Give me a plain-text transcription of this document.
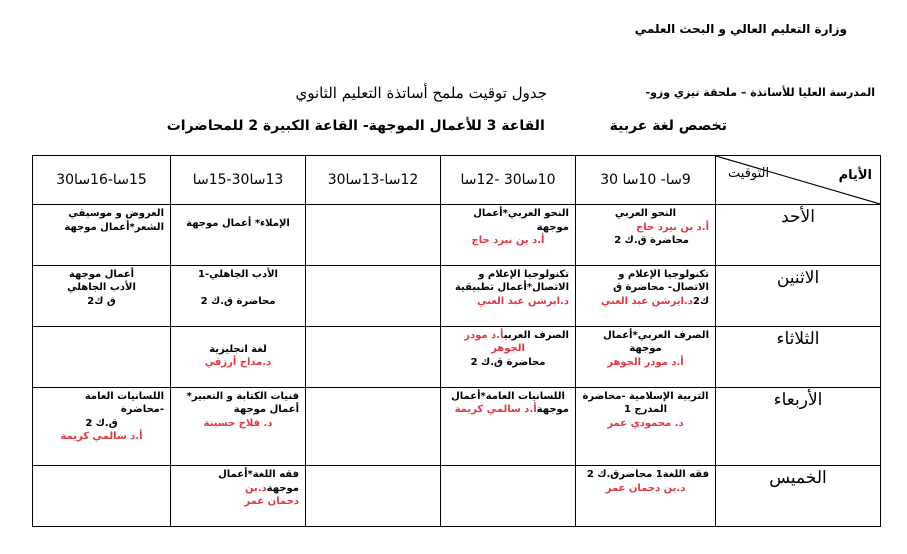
وزارة التعليم العالي و البحث العلمي
المدرسة العليا للأساتذة – ملحقة تيزي وزو-
جدول توقيت ملمح أساتذة التعليم الثانوي
تخصص لغة عربية القاعة 3 للأعمال الموجهة- القاعة الكبيرة 2 للمحاضرات
الأيام
التوقيت	9سا- 10سا 30	10سا30 -12سا	12سا-13سا30	13سا30-15سا	15سا-16سا30
الأحد	النحو العربي
أ.د بن نيرد حاج
محاضرة ق.ك 2	النحو العربي*أعمال موجهة
أ.د بن نيرد حاج		الإملاء* أعمال موجهة	العروض و موسيقي
الشعر*أعمال موجهة

الاثنين	تكنولوجيا الإعلام و
الاتصال- محاضرة ق
ك2د.ايرشن عبد الغني	تكنولوجيا الإعلام و
الاتصال*أعمال تطبيقية
د.ايرشن عبد الغني		الأدب الجاهلي-1
محاضرة ق.ك 2	أعمال موجهة
الأدب الجاهلي
ق ك2

الثلاثاء	الصرف العربي*أعمال
موجهة
أ.د مودر الجوهر	الصرف العربيأ.د مودر
الجوهر
محاضرة ق.ك 2		لغة انجليزية
د.مداح أرزقي	

الأربعاء	التربية الإسلامية -محاضرة
المدرج 1
د. محمودي عمر	اللسانيات العامة*أعمال
موجهةأ.د سالمي كريمة		فنيات الكتابة و التعبير*
أعمال موجهة
د. فلاح حسينة	اللسانيات العامة -محاضرة
ق.ك 2
أ.د سالمي كريمة

الخميس	فقه اللغة1 محاضرق.ك 2
د.بن دحمان عمر			فقه اللغة*أعمال موجهةد.بن
دحمان عمر	
